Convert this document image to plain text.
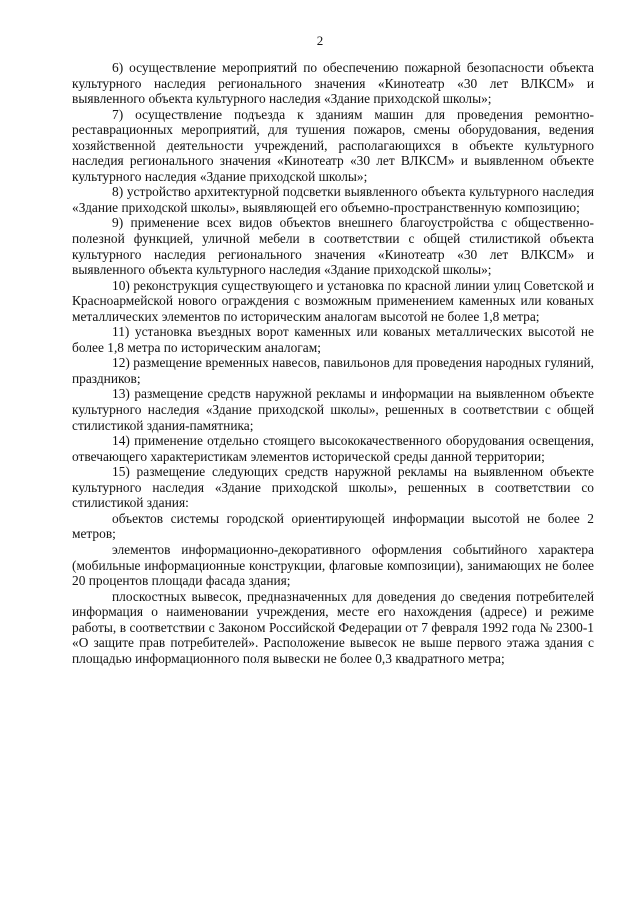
2

6) осуществление мероприятий по обеспечению пожарной безопасности объекта культурного наследия регионального значения «Кинотеатр «30 лет ВЛКСМ» и выявленного объекта культурного наследия «Здание приходской школы»;

7) осуществление подъезда к зданиям машин для проведения ремонтно-реставрационных мероприятий, для тушения пожаров, смены оборудования, ведения хозяйственной деятельности учреждений, располагающихся в объекте культурного наследия регионального значения «Кинотеатр «30 лет ВЛКСМ» и выявленном объекте культурного наследия «Здание приходской школы»;

8) устройство архитектурной подсветки выявленного объекта культурного наследия «Здание приходской школы», выявляющей его объемно-пространственную композицию;

9) применение всех видов объектов внешнего благоустройства с общественно-полезной функцией, уличной мебели в соответствии с общей стилистикой объекта культурного наследия регионального значения «Кинотеатр «30 лет ВЛКСМ» и выявленного объекта культурного наследия «Здание приходской школы»;

10) реконструкция существующего и установка по красной линии улиц Советской и Красноармейской нового ограждения с возможным применением каменных или кованых металлических элементов по историческим аналогам высотой не более 1,8 метра;

11) установка въездных ворот каменных или кованых металлических высотой не более 1,8 метра по историческим аналогам;

12) размещение временных навесов, павильонов для проведения народных гуляний, праздников;

13) размещение средств наружной рекламы и информации на выявленном объекте культурного наследия «Здание приходской школы», решенных в соответствии с общей стилистикой здания-памятника;

14) применение отдельно стоящего высококачественного оборудования освещения, отвечающего характеристикам элементов исторической среды данной территории;

15) размещение следующих средств наружной рекламы на выявленном объекте культурного наследия «Здание приходской школы», решенных в соответствии со стилистикой здания:

объектов системы городской ориентирующей информации высотой не более 2 метров;

элементов информационно-декоративного оформления событийного характера (мобильные информационные конструкции, флаговые композиции), занимающих не более 20 процентов площади фасада здания;

плоскостных вывесок, предназначенных для доведения до сведения потребителей информация о наименовании учреждения, месте его нахождения (адресе) и режиме работы, в соответствии с Законом Российской Федерации от 7 февраля 1992 года № 2300-1 «О защите прав потребителей». Расположение вывесок не выше первого этажа здания с площадью информационного поля вывески не более 0,3 квадратного метра;
